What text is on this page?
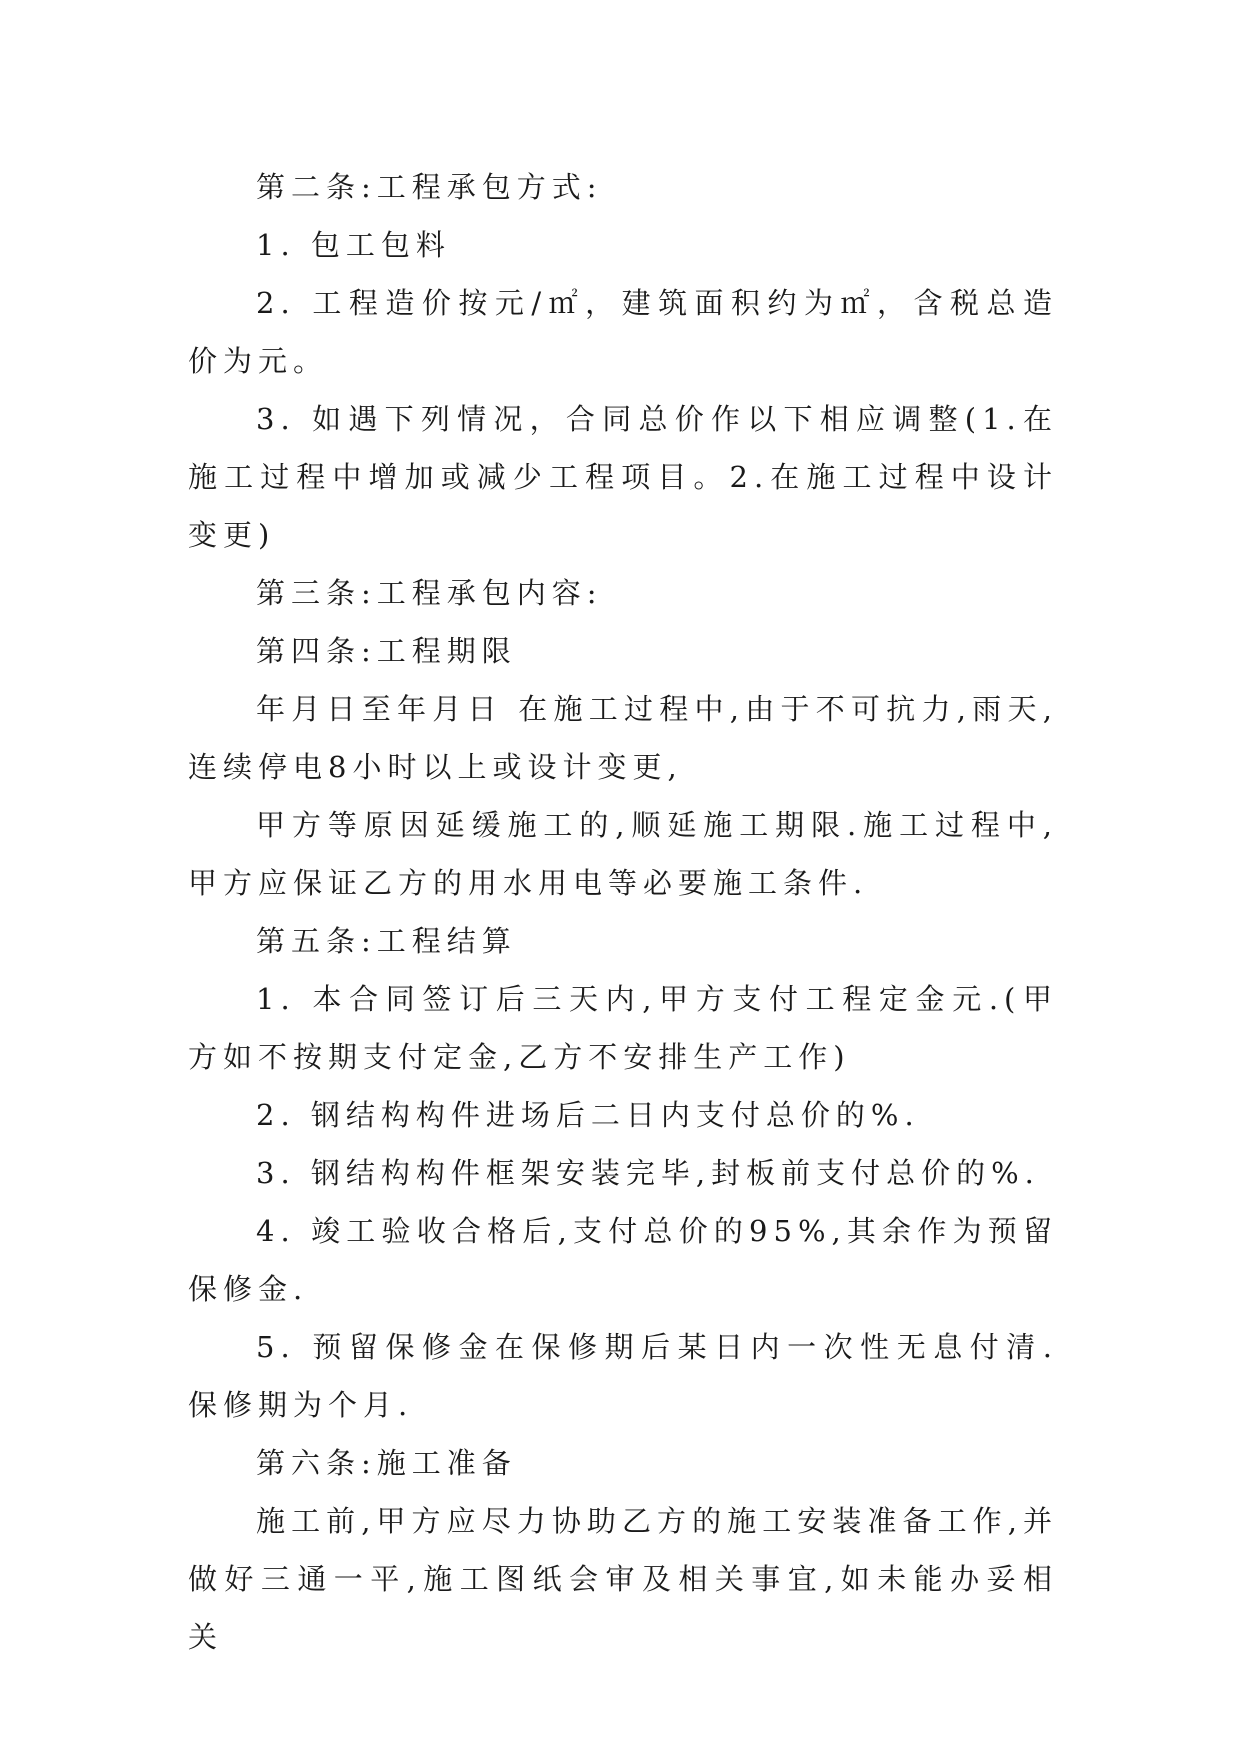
第二条:工程承包方式:

1. 包工包料

2. 工程造价按元/㎡，建筑面积约为㎡，含税总造价为元。

3. 如遇下列情况，合同总价作以下相应调整(1.在施工过程中增加或减少工程项目。2.在施工过程中设计变更)

第三条:工程承包内容:

第四条:工程期限

年月日至年月日 在施工过程中,由于不可抗力,雨天,连续停电8小时以上或设计变更,

甲方等原因延缓施工的,顺延施工期限.施工过程中,甲方应保证乙方的用水用电等必要施工条件.

第五条:工程结算

1. 本合同签订后三天内,甲方支付工程定金元.(甲方如不按期支付定金,乙方不安排生产工作)

2. 钢结构构件进场后二日内支付总价的%.

3. 钢结构构件框架安装完毕,封板前支付总价的%.

4. 竣工验收合格后,支付总价的95%,其余作为预留保修金.

5. 预留保修金在保修期后某日内一次性无息付清.保修期为个月.

第六条:施工准备

施工前,甲方应尽力协助乙方的施工安装准备工作,并做好三通一平,施工图纸会审及相关事宜,如未能办妥相关
